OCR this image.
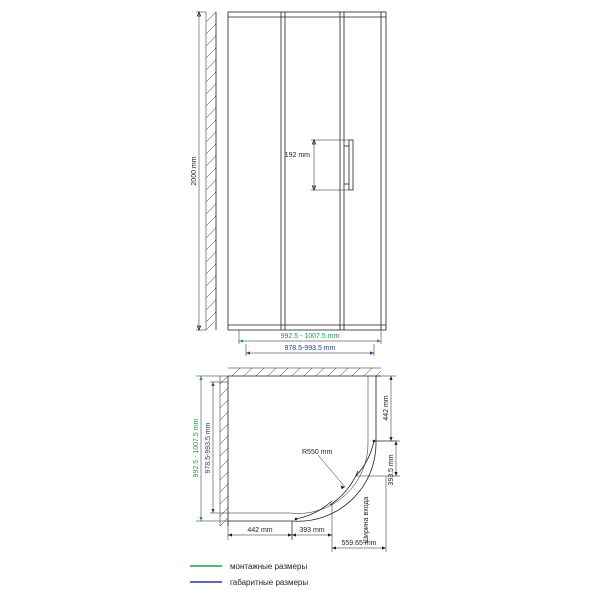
192 mm
2000 mm
992.5 - 1007.5 mm
978.5-993.5 mm
R550 mm
442 mm
393.5 mm
992.5 - 1007.5 mm 978.5-993.5 mm
442 mm	393 mm
559.65 mm
Ширина входа
монтажные размеры
габаритные размеры
